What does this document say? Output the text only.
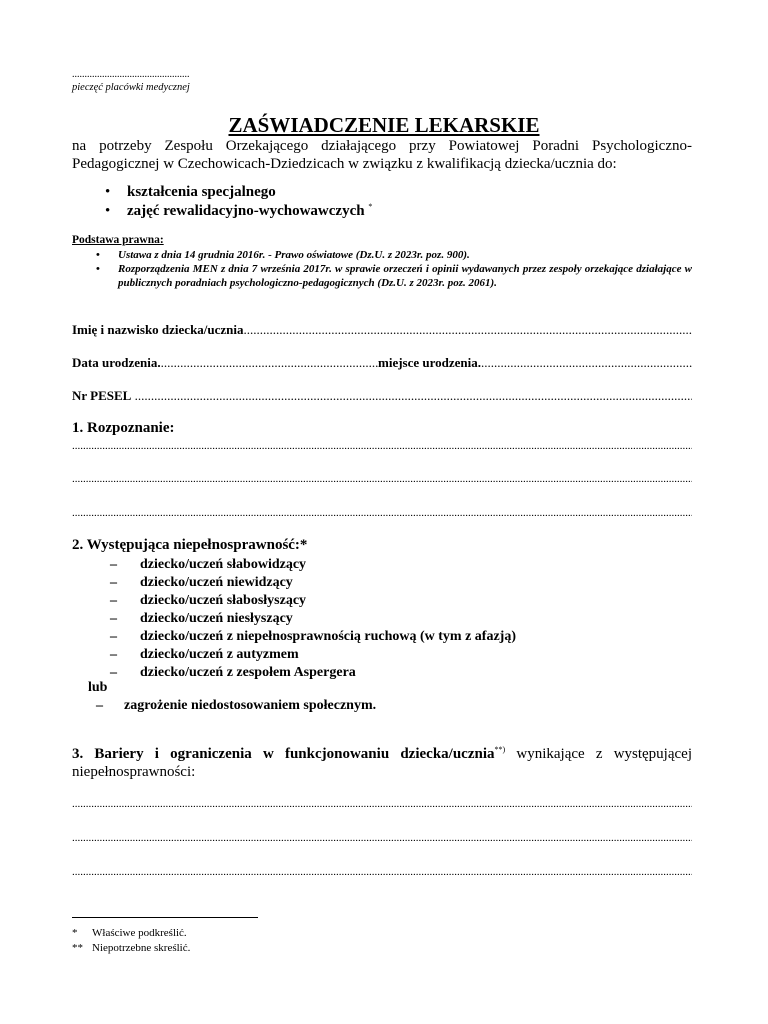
...............................................
pieczęć placówki medycznej
ZAŚWIADCZENIE LEKARSKIE
na potrzeby Zespołu Orzekającego działającego przy Powiatowej Poradni Psychologiczno-Pedagogicznej w Czechowicach-Dziedzicach w związku z kwalifikacją dziecka/ucznia do:
• kształcenia specjalnego
• zajęć rewalidacyjno-wychowawczych *
Podstawa prawna:
• Ustawa z dnia 14 grudnia 2016r. - Prawo oświatowe (Dz.U. z 2023r. poz. 900).
• Rozporządzenia MEN z dnia 7 września 2017r. w sprawie orzeczeń i opinii wydawanych przez zespoły orzekające działające w publicznych poradniach psychologiczno-pedagogicznych (Dz.U. z 2023r. poz. 2061).
Imię i nazwisko dziecka/ucznia
.....
Data urodzenia.
.....	miejsce urodzenia.
.....
Nr PESEL

.....
1. Rozpoznanie:
.....
.....
.....
2. Występująca niepełnosprawność:*
– dziecko/uczeń słabowidzący
– dziecko/uczeń niewidzący
– dziecko/uczeń słabosłyszący
– dziecko/uczeń niesłyszący
– dziecko/uczeń z niepełnosprawnością ruchową (w tym z afazją)
– dziecko/uczeń z autyzmem
– dziecko/uczeń z zespołem Aspergera
lub
– zagrożenie niedostosowaniem społecznym.
3. Bariery i ograniczenia w funkcjonowaniu dziecka/ucznia**) wynikające z występującej niepełnosprawności:
.....
.....
.....
* Właściwe podkreślić.
** Niepotrzebne skreślić.
